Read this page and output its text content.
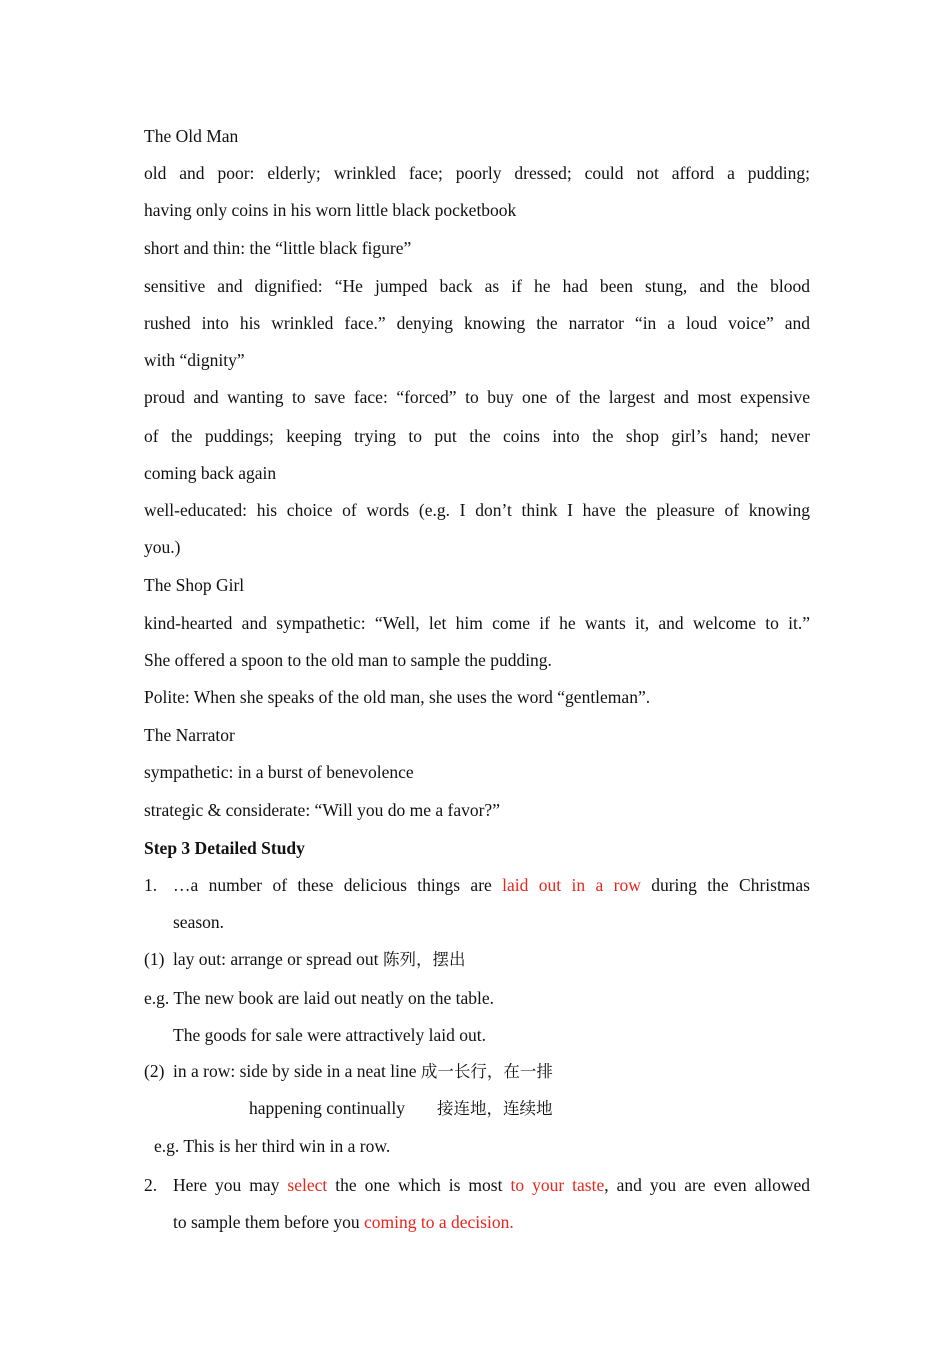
The Old Man
old and poor: elderly; wrinkled face; poorly dressed; could not afford a pudding;
having only coins in his worn little black pocketbook
short and thin: the “little black figure”
sensitive and dignified: “He jumped back as if he had been stung, and the blood
rushed into his wrinkled face.” denying knowing the narrator “in a loud voice” and
with “dignity”
proud and wanting to save face: “forced” to buy one of the largest and most expensive
of the puddings; keeping trying to put the coins into the shop girl’s hand; never
coming back again
well-educated: his choice of words (e.g. I don’t think I have the pleasure of knowing
you.)
The Shop Girl
kind-hearted and sympathetic: “Well, let him come if he wants it, and welcome to it.”
She offered a spoon to the old man to sample the pudding.
Polite: When she speaks of the old man, she uses the word “gentleman”.
The Narrator
sympathetic: in a burst of benevolence
strategic & considerate: “Will you do me a favor?”
Step 3 Detailed Study
1. …a number of these delicious things are laid out in a row during the Christmas
season.
(1) lay out: arrange or spread out 陈列，摆出
e.g. The new book are laid out neatly on the table.
The goods for sale were attractively laid out.
(2) in a row: side by side in a neat line 成一长行，在一排
happening continually 接连地，连续地
e.g. This is her third win in a row.
2. Here you may select the one which is most to your taste, and you are even allowed
to sample them before you coming to a decision.
